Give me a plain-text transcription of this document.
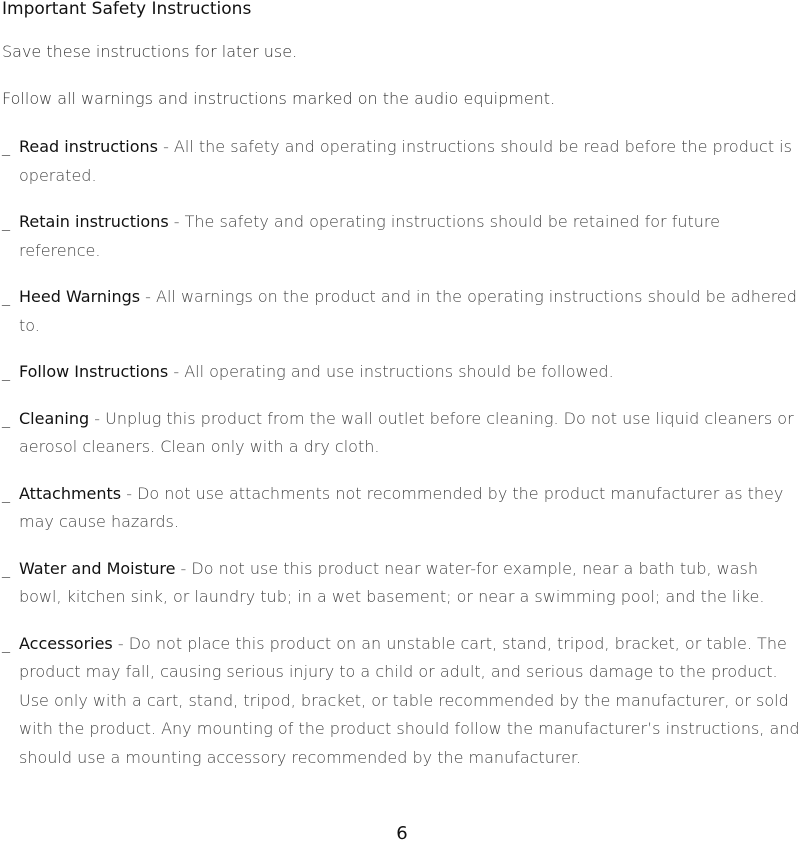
Important Safety Instructions
Save these instructions for later use.
Follow all warnings and instructions marked on the audio equipment.
_ Read instructions - All the safety and operating instructions should be read before the product is operated.
_ Retain instructions - The safety and operating instructions should be retained for future reference.
_ Heed Warnings - All warnings on the product and in the operating instructions should be adhered to.
_ Follow Instructions - All operating and use instructions should be followed.
_ Cleaning - Unplug this product from the wall outlet before cleaning. Do not use liquid cleaners or aerosol cleaners. Clean only with a dry cloth.
_ Attachments - Do not use attachments not recommended by the product manufacturer as they may cause hazards.
_ Water and Moisture - Do not use this product near water-for example, near a bath tub, wash bowl, kitchen sink, or laundry tub; in a wet basement; or near a swimming pool; and the like.
_ Accessories - Do not place this product on an unstable cart, stand, tripod, bracket, or table. The product may fall, causing serious injury to a child or adult, and serious damage to the product. Use only with a cart, stand, tripod, bracket, or table recommended by the manufacturer, or sold with the product. Any mounting of the product should follow the manufacturer’s instructions, and should use a mounting accessory recommended by the manufacturer.
6
